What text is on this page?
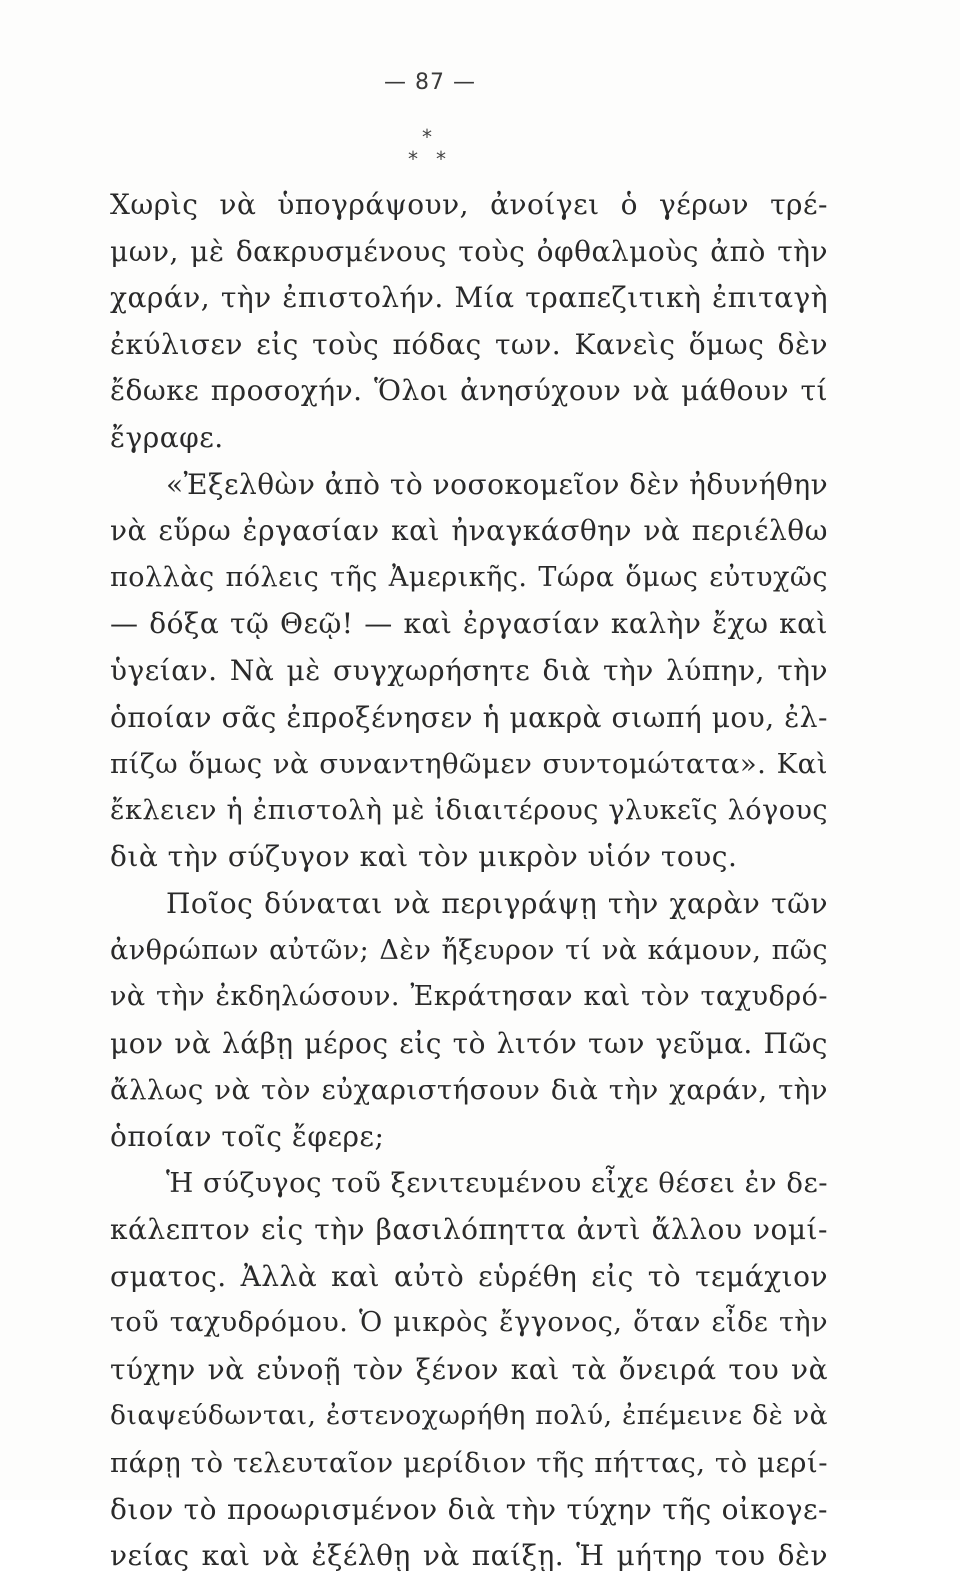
— 87 —
*
* *
Χωρὶς νὰ ὑπογράψουν, ἀνοίγει ὁ γέρων τρέ-
μων, μὲ δακρυσμένους τοὺς ὀφθαλμοὺς ἀπὸ τὴν
χαράν, τὴν ἐπιστολήν. Μία τραπεζιτικὴ ἐπιταγὴ
ἐκύλισεν εἰς τοὺς πόδας των. Κανεὶς ὅμως δὲν
ἔδωκε προσοχήν. Ὅλοι ἀνησύχουν νὰ μάθουν τί
ἔγραφε.
«Ἐξελθὼν ἀπὸ τὸ νοσοκομεῖον δὲν ἠδυνήθην
νὰ εὕρω ἐργασίαν καὶ ἠναγκάσθην νὰ περιέλθω
πολλὰς πόλεις τῆς Ἀμερικῆς. Τώρα ὅμως εὐτυχῶς
— δόξα τῷ Θεῷ! — καὶ ἐργασίαν καλὴν ἔχω καὶ
ὑγείαν. Νὰ μὲ συγχωρήσητε διὰ τὴν λύπην, τὴν
ὁποίαν σᾶς ἐπροξένησεν ἡ μακρὰ σιωπή μου, ἐλ-
πίζω ὅμως νὰ συναντηθῶμεν συντομώτατα». Καὶ
ἔκλειεν ἡ ἐπιστολὴ μὲ ἰδιαιτέρους γλυκεῖς λόγους
διὰ τὴν σύζυγον καὶ τὸν μικρὸν υἱόν τους.
Ποῖος δύναται νὰ περιγράψῃ τὴν χαρὰν τῶν
ἀνθρώπων αὐτῶν; Δὲν ἤξευρον τί νὰ κάμουν, πῶς
νὰ τὴν ἐκδηλώσουν. Ἐκράτησαν καὶ τὸν ταχυδρό-
μον νὰ λάβῃ μέρος εἰς τὸ λιτόν των γεῦμα. Πῶς
ἄλλως νὰ τὸν εὐχαριστήσουν διὰ τὴν χαράν, τὴν
ὁποίαν τοῖς ἔφερε;
Ἡ σύζυγος τοῦ ξενιτευμένου εἶχε θέσει ἐν δε-
κάλεπτον εἰς τὴν βασιλόπηττα ἀντὶ ἄλλου νομί-
σματος. Ἀλλὰ καὶ αὐτὸ εὑρέθη εἰς τὸ τεμάχιον
τοῦ ταχυδρόμου. Ὁ μικρὸς ἔγγονος, ὅταν εἶδε τὴν
τύχην νὰ εὐνοῇ τὸν ξένον καὶ τὰ ὄνειρά του νὰ
διαψεύδωνται, ἐστενοχωρήθη πολύ, ἐπέμεινε δὲ νὰ
πάρῃ τὸ τελευταῖον μερίδιον τῆς πήττας, τὸ μερί-
διον τὸ προωρισμένον διὰ τὴν τύχην τῆς οἰκογε-
νείας καὶ νὰ ἐξέλθῃ νὰ παίξῃ. Ἡ μήτηρ του δὲν
